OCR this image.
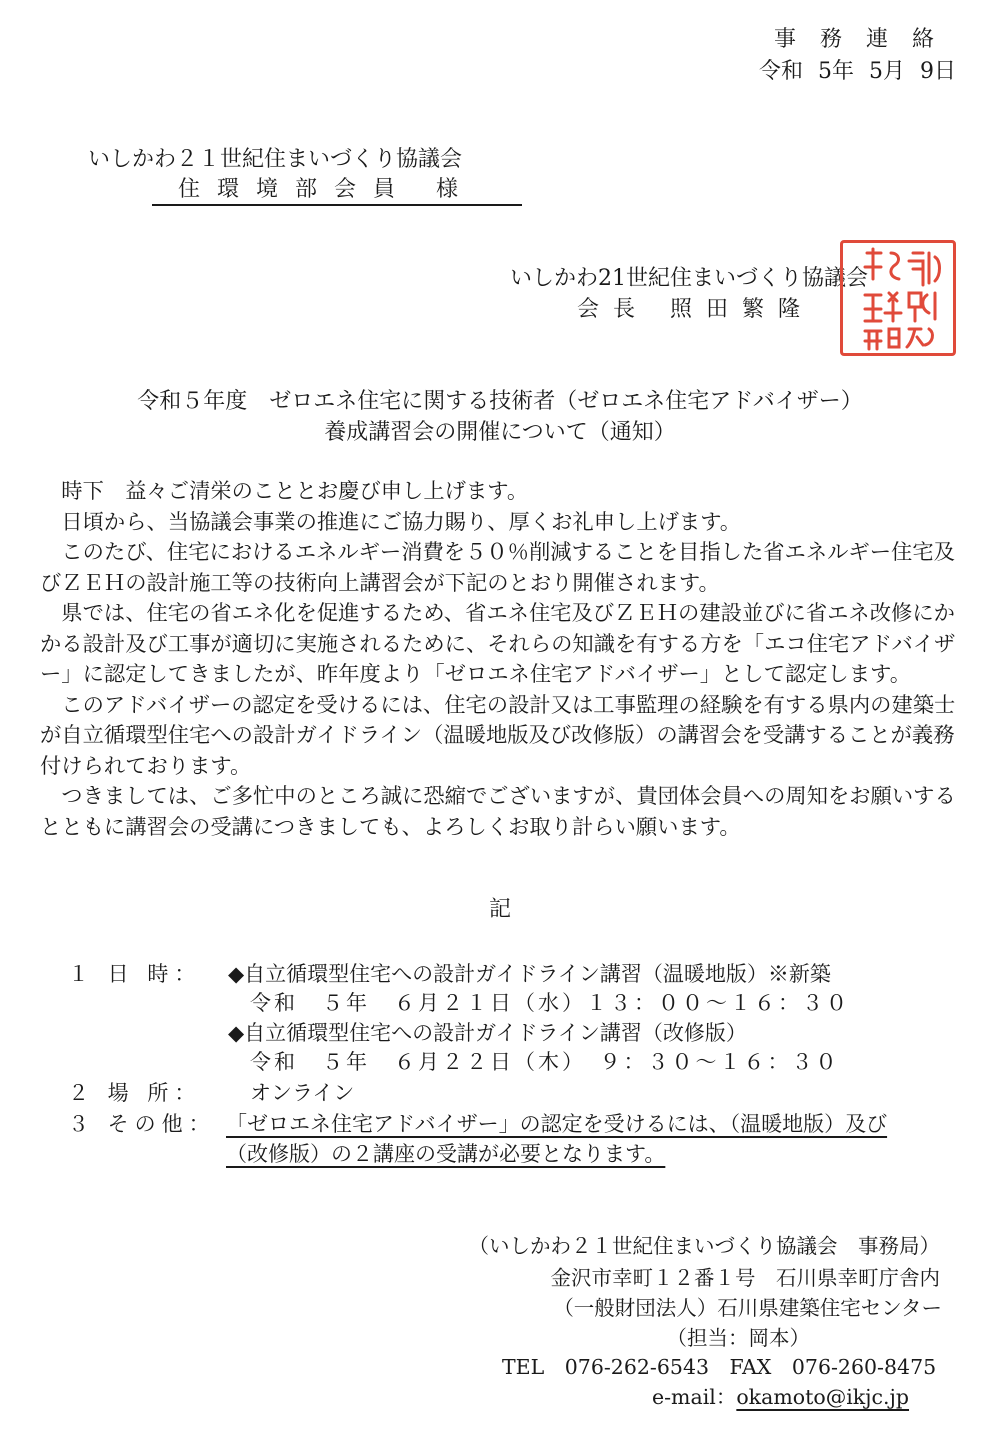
事務連絡
令和 5年 5月 9日
いしかわ２１世紀住まいづくり協議会
住環境部会員 様
いしかわ21世紀住まいづくり協議会
会長 照田繁隆
令和５年度　ゼロエネ住宅に関する技術者（ゼロエネ住宅アドバイザー）
養成講習会の開催について（通知）

時下　益々ご清栄のこととお慶び申し上げます。

日頃から、当協議会事業の推進にご協力賜り、厚くお礼申し上げます。

このたび、住宅におけるエネルギー消費を５０％削減することを目指した省エネルギー住宅及びＺＥＨの設計施工等の技術向上講習会が下記のとおり開催されます。

県では、住宅の省エネ化を促進するため、省エネ住宅及びＺＥＨの建設並びに省エネ改修にかかる設計及び工事が適切に実施されるために、それらの知識を有する方を「エコ住宅アドバイザー」に認定してきましたが、昨年度より「ゼロエネ住宅アドバイザー」として認定します。

このアドバイザーの認定を受けるには、住宅の設計又は工事監理の経験を有する県内の建築士が自立循環型住宅への設計ガイドライン（温暖地版及び改修版）の講習会を受講することが義務付けられております。

つきましては、ご多忙中のところ誠に恐縮でございますが、貴団体会員への周知をお願いするとともに講習会の受講につきましても、よろしくお取り計らい願います。

記
１ 日 時： ◆自立循環型住宅への設計ガイドライン講習（温暖地版）※新築
令和　５年　６月２１日（水）１３：００～１６：３０
◆自立循環型住宅への設計ガイドライン講習（改修版）
令和　５年　６月２２日（木）　９：３０～１６：３０
２ 場 所： オンライン
３ その他： 「ゼロエネ住宅アドバイザー」の認定を受けるには、（温暖地版）及び
（改修版）の２講座の受講が必要となります。
（いしかわ２１世紀住まいづくり協議会　事務局）
金沢市幸町１２番１号　石川県幸町庁舎内
（一般財団法人）石川県建築住宅センター
（担当：岡本）
TEL　076-262-6543　FAX　076-260-8475
e-mail：okamoto@ikjc.jp
